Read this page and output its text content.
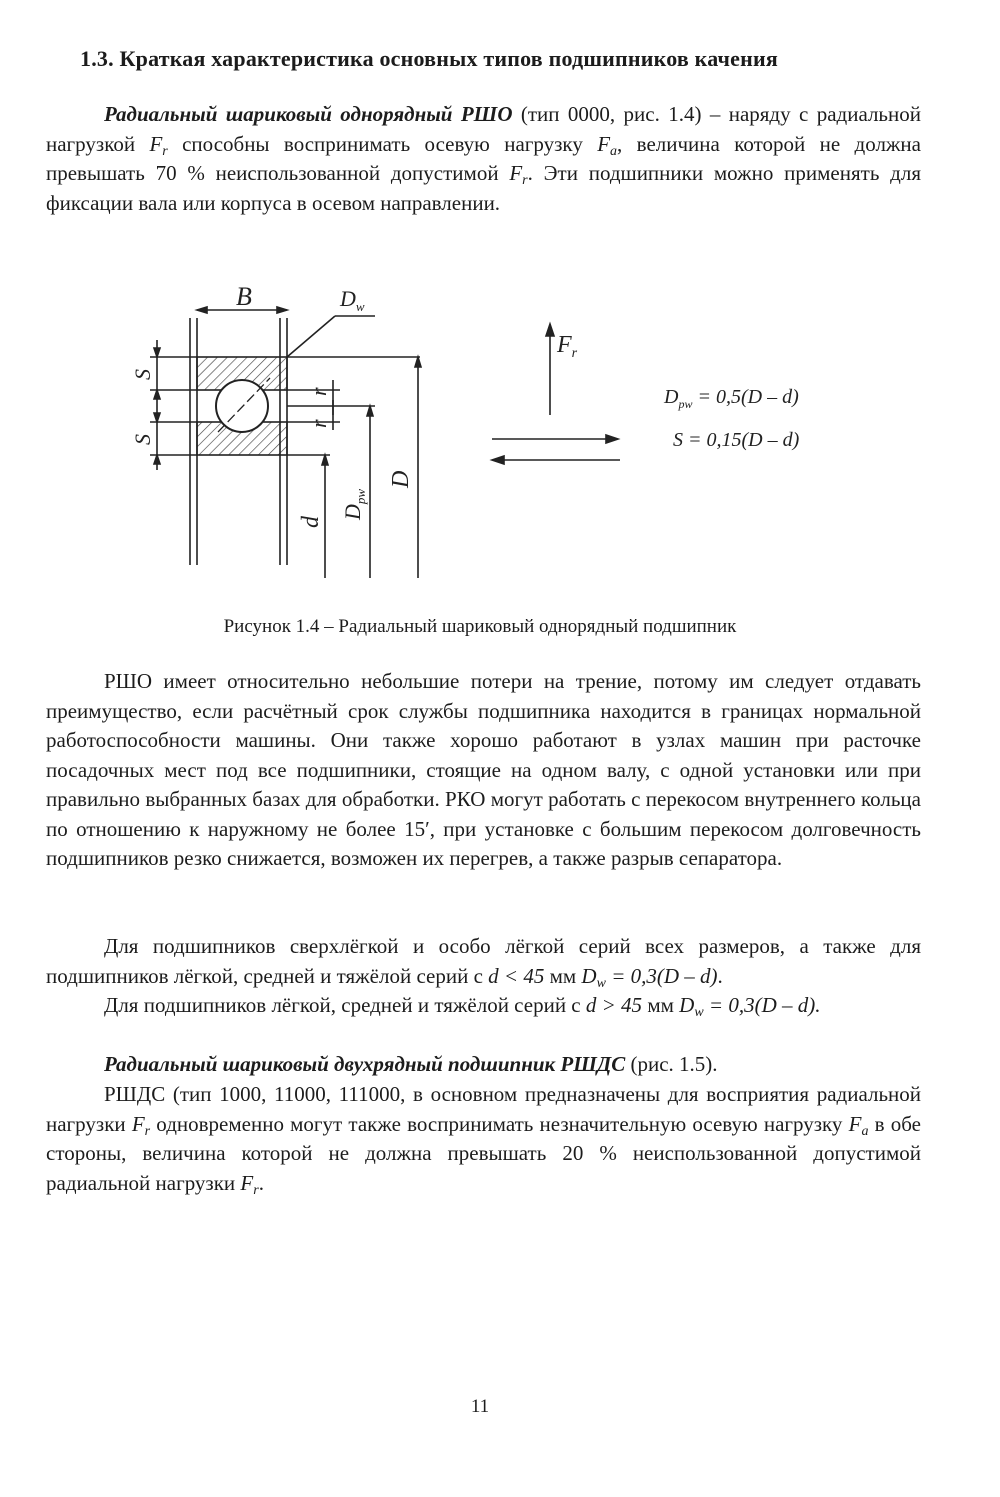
1.3. Краткая характеристика основных типов подшипников качения

Радиальный шариковый однорядный РШО (тип 0000, рис. 1.4) – наряду с радиальной нагрузкой $F_r$ способны воспринимать осевую нагрузку $F_a$, величина которой не должна превышать 70 % неиспользованной допустимой $F_r$. Эти подшипники можно применять для фиксации вала или корпуса в осевом направлении.

B	$D_w$
S
S
r
r
d
$D_{pw}$
D
$F_r$
$D_{pw} = 0,5(D - d)$
S = 0,15(D – d)
Рисунок 1.4 – Радиальный шариковый однорядный подшипник

РШО имеет относительно небольшие потери на трение, потому им следует отдавать преимущество, если расчётный срок службы подшипника находится в границах нормальной работоспособности машины. Они также хорошо работают в узлах машин при расточке посадочных мест под все подшипники, стоящие на одном валу, с одной установки или при правильно выбранных базах для обработки. РКО могут работать с перекосом внутреннего кольца по отношению к наружному не более 15′, при установке с большим перекосом долговечность подшипников резко снижается, возможен их перегрев, а также разрыв сепаратора.

Для подшипников сверхлёгкой и особо лёгкой серий всех размеров, а также для подшипников лёгкой, средней и тяжёлой серий с d < 45 мм $D_w = 0,3(D - d)$.

Для подшипников лёгкой, средней и тяжёлой серий с d > 45 мм $D_w = 0,3(D - d)$.

Радиальный шариковый двухрядный подшипник РШДС (рис. 1.5).

РШДС (тип 1000, 11000, 111000, в основном предназначены для восприятия радиальной нагрузки $F_r$ одновременно могут также воспринимать незначительную осевую нагрузку $F_a$ в обе стороны, величина которой не должна превышать 20 % неиспользованной допустимой радиальной нагрузки $F_r$.

11
